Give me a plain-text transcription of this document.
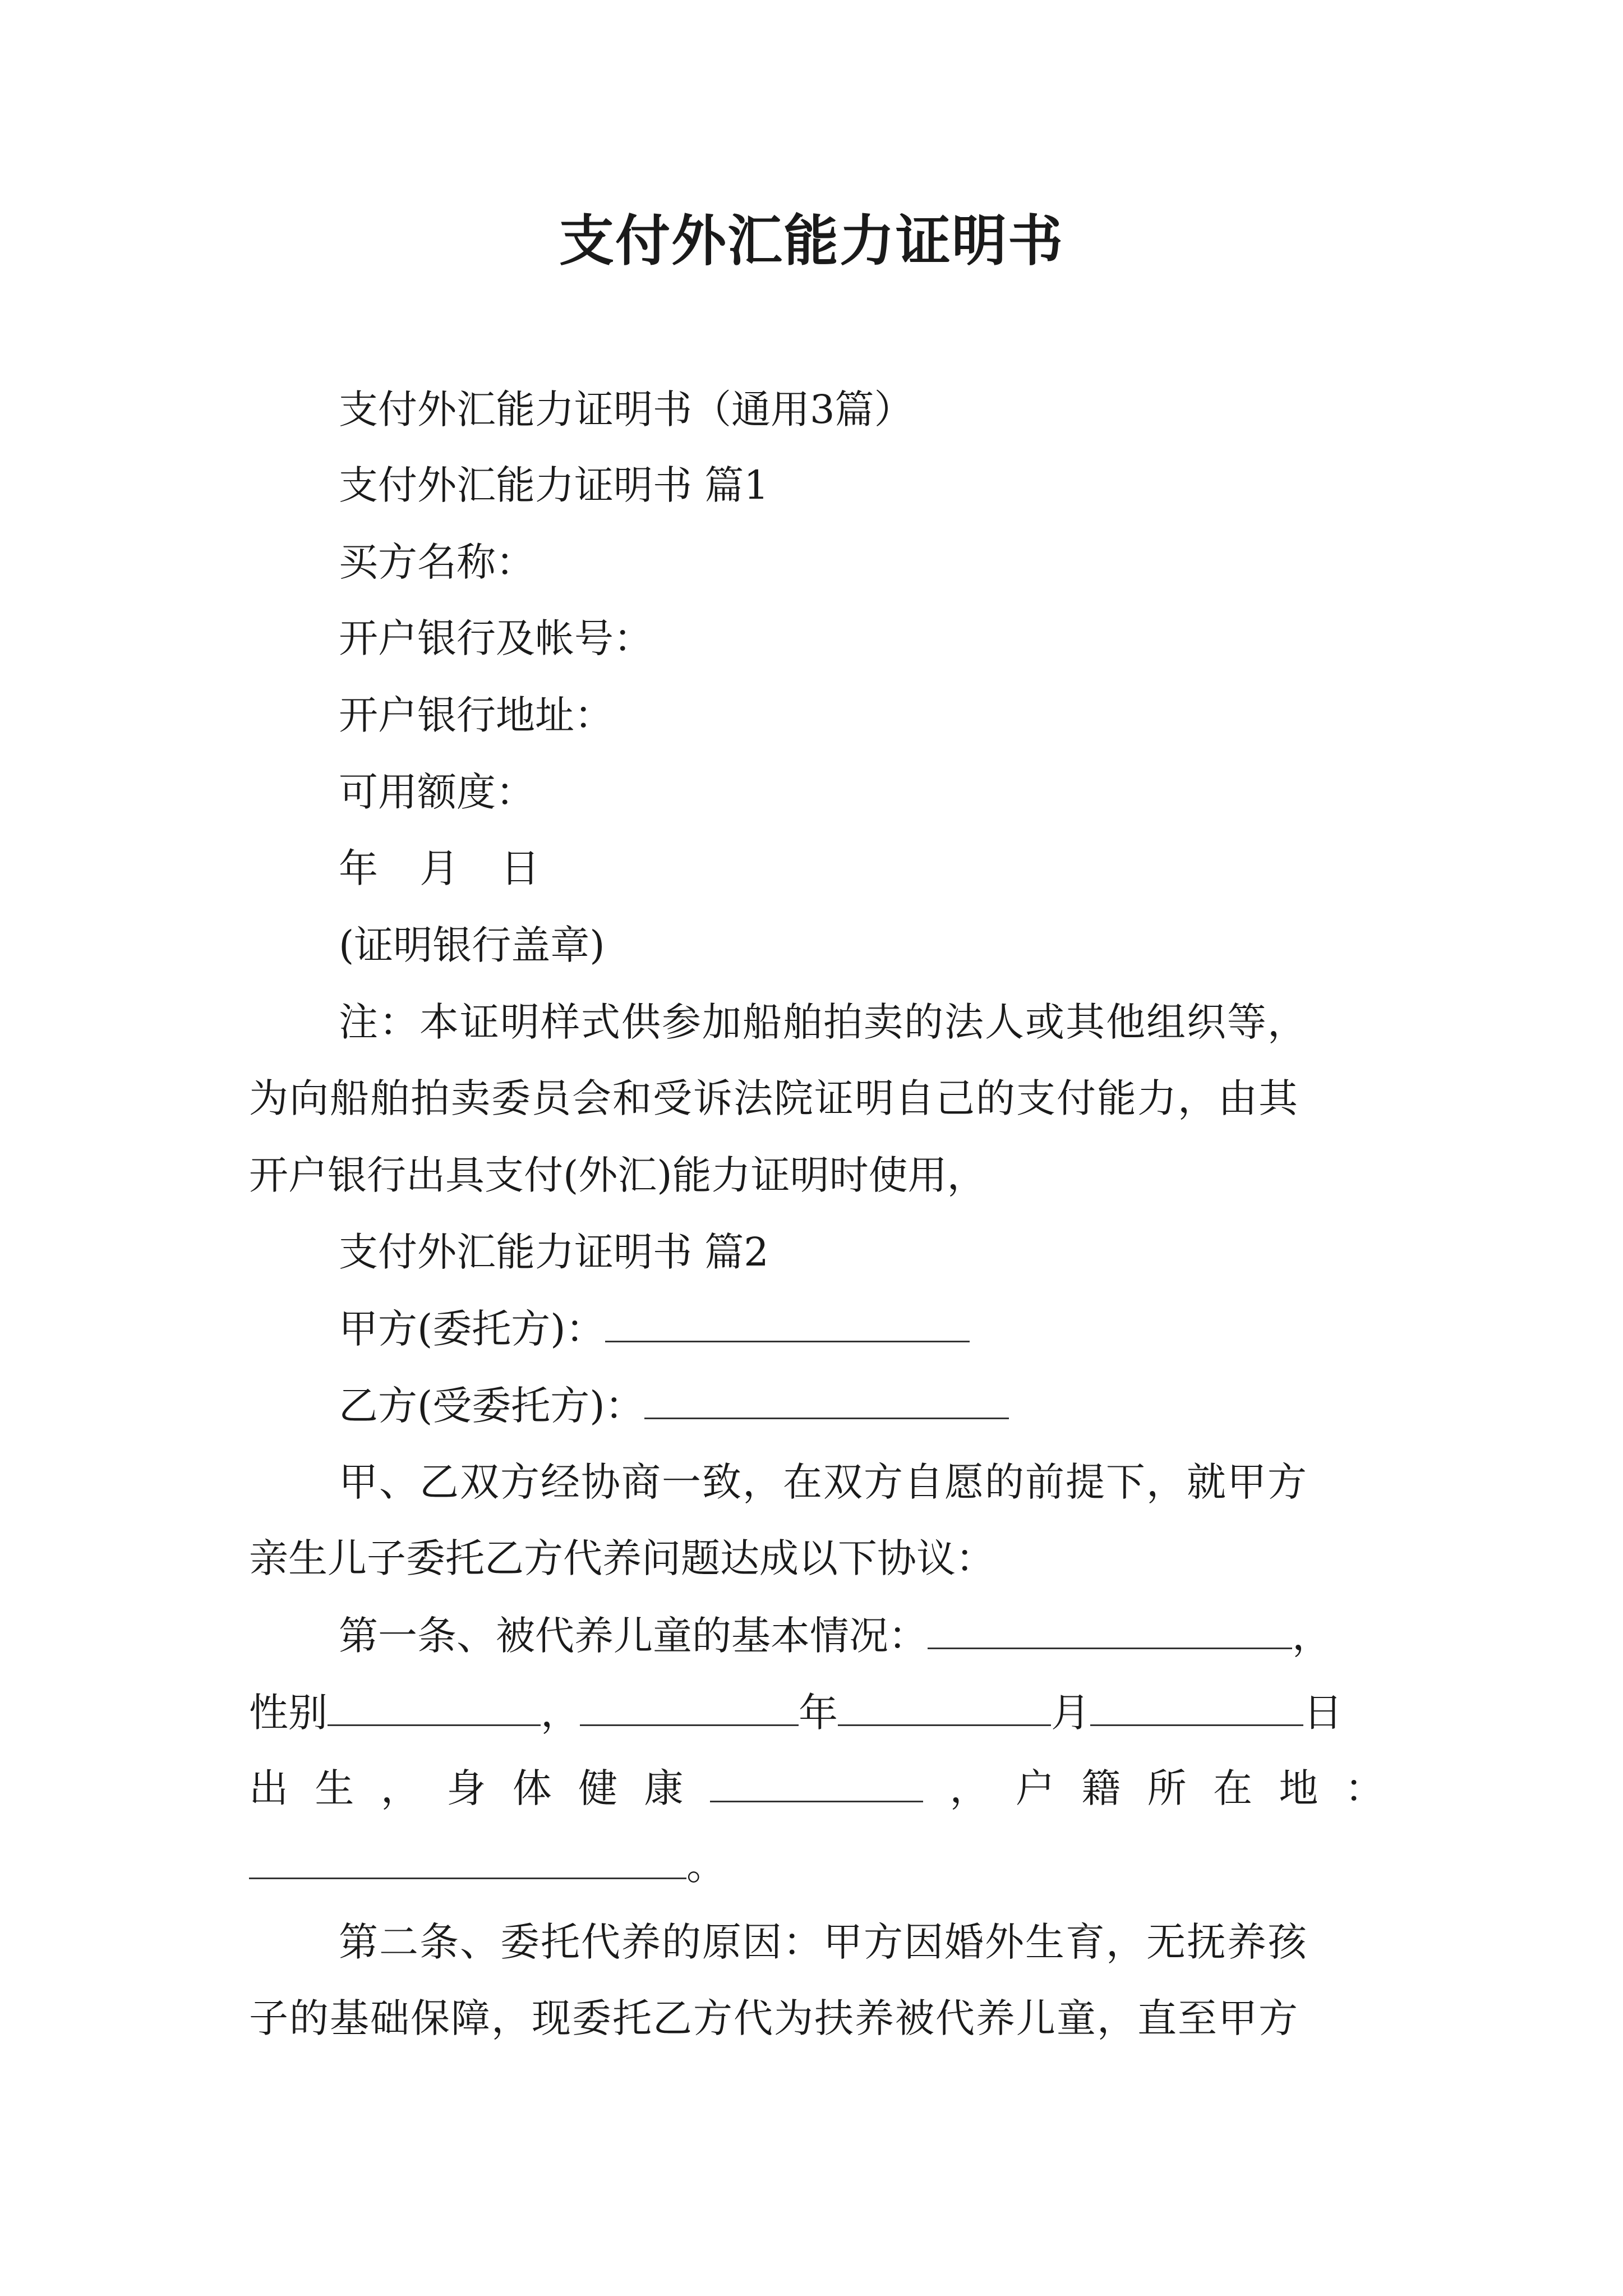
支付外汇能力证明书
支付外汇能力证明书（通用3篇）
支付外汇能力证明书 篇1
买方名称：
开户银行及帐号：
开户银行地址：
可用额度：
年 月 日
(证明银行盖章)
注：本证明样式供参加船舶拍卖的法人或其他组织等，
为向船舶拍卖委员会和受诉法院证明自己的支付能力，由其
开户银行出具支付(外汇)能力证明时使用，
支付外汇能力证明书 篇2
甲方(委托方)：
乙方(受委托方)：
甲、乙双方经协商一致，在双方自愿的前提下，就甲方
亲生儿子委托乙方代养问题达成以下协议：
第一条、被代养儿童的基本情况：	，
性别	，	年	月	日
出 生 ， 身 体 健 康	， 户 籍 所 在 地 ：
。
第二条、委托代养的原因：甲方因婚外生育，无抚养孩
子的基础保障，现委托乙方代为扶养被代养儿童，直至甲方
